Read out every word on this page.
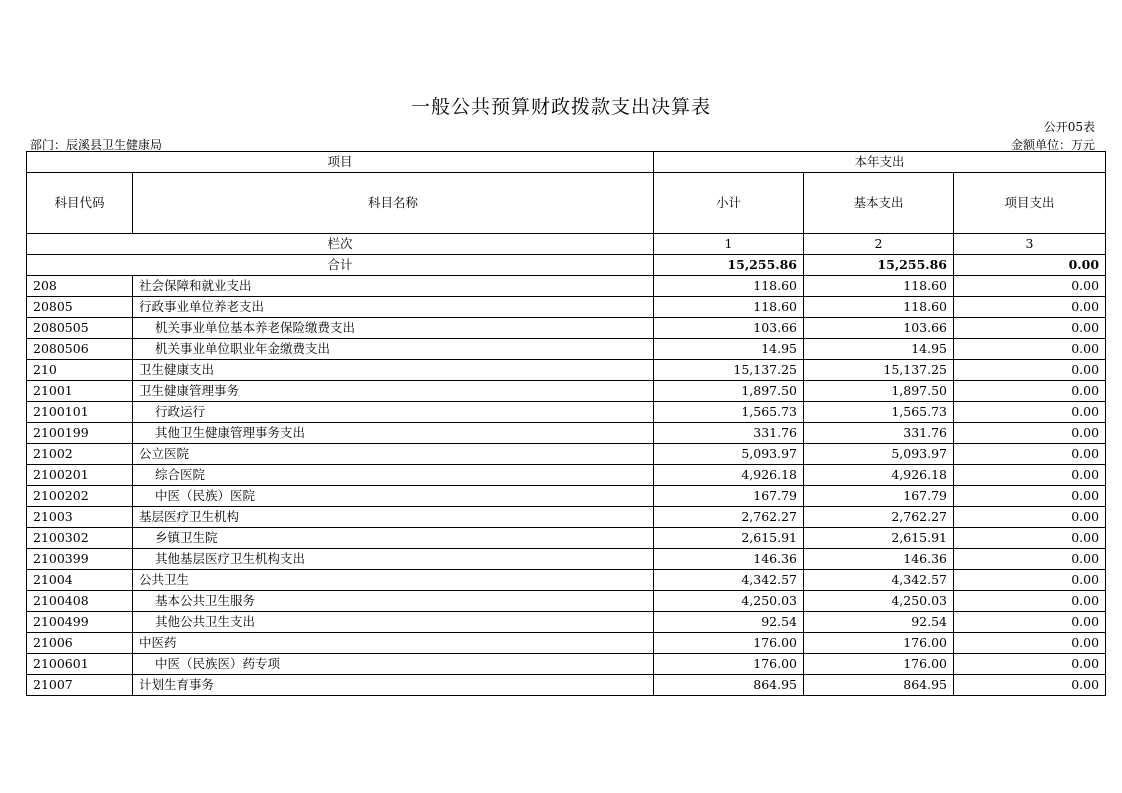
一般公共预算财政拨款支出决算表
公开05表
部门：辰溪县卫生健康局	金额单位：万元
项目		本年支出		
科目代码	科目名称	小计	基本支出	项目支出
栏次		1	2	3
合计		15,255.86	15,255.86	0.00
208	社会保障和就业支出	118.60	118.60	0.00
20805	行政事业单位养老支出	118.60	118.60	0.00
2080505	机关事业单位基本养老保险缴费支出	103.66	103.66	0.00
2080506	机关事业单位职业年金缴费支出	14.95	14.95	0.00
210	卫生健康支出	15,137.25	15,137.25	0.00
21001	卫生健康管理事务	1,897.50	1,897.50	0.00
2100101	行政运行	1,565.73	1,565.73	0.00
2100199	其他卫生健康管理事务支出	331.76	331.76	0.00
21002	公立医院	5,093.97	5,093.97	0.00
2100201	综合医院	4,926.18	4,926.18	0.00
2100202	中医（民族）医院	167.79	167.79	0.00
21003	基层医疗卫生机构	2,762.27	2,762.27	0.00
2100302	乡镇卫生院	2,615.91	2,615.91	0.00
2100399	其他基层医疗卫生机构支出	146.36	146.36	0.00
21004	公共卫生	4,342.57	4,342.57	0.00
2100408	基本公共卫生服务	4,250.03	4,250.03	0.00
2100499	其他公共卫生支出	92.54	92.54	0.00
21006	中医药	176.00	176.00	0.00
2100601	中医（民族医）药专项	176.00	176.00	0.00
21007	计划生育事务	864.95	864.95	0.00
